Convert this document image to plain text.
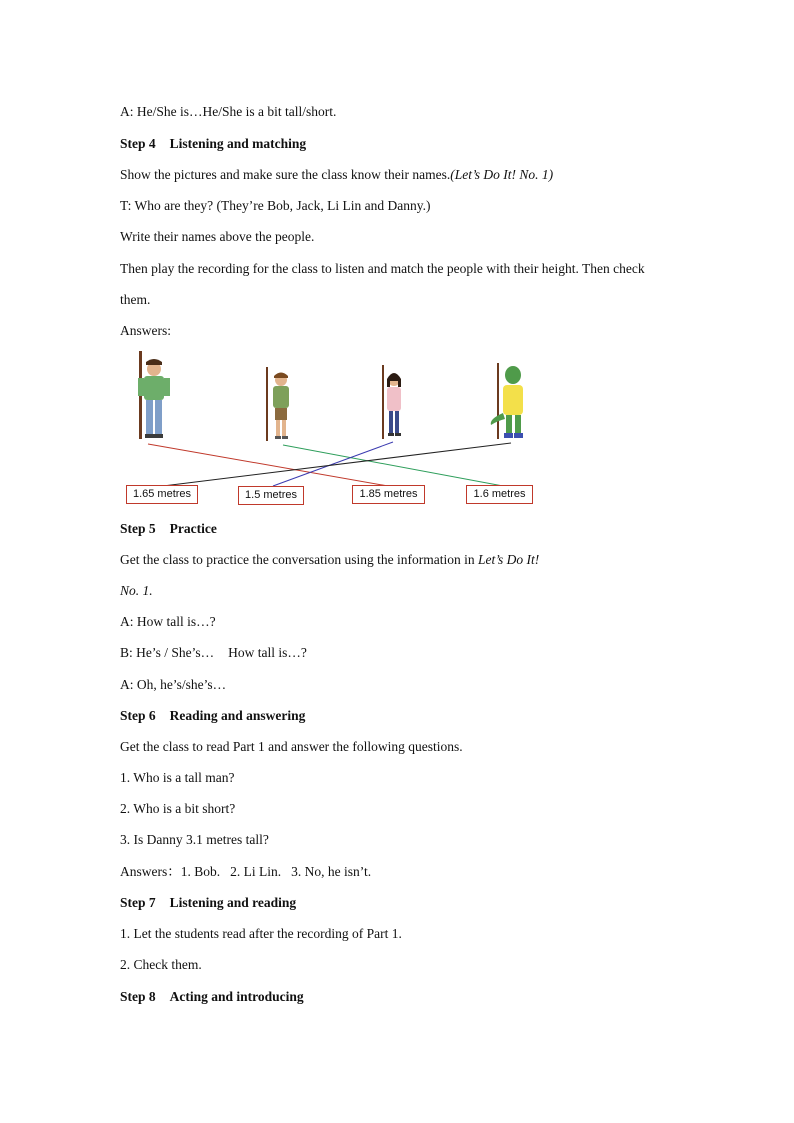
A: He/She is…He/She is a bit tall/short.
Step 4 Listening and matching
Show the pictures and make sure the class know their names.(Let’s Do It! No. 1)
T: Who are they? (They’re Bob, Jack, Li Lin and Danny.)
Write their names above the people.
Then play the recording for the class to listen and match the people with their height. Then check
them.
Answers:
1.65 metres	1.5 metres	1.85 metres	1.6 metres
Step 5 Practice
Get the class to practice the conversation using the information in Let’s Do It!
No. 1.
A: How tall is…?
B: He’s / She’s… How tall is…?
A: Oh, he’s/she’s…
Step 6 Reading and answering
Get the class to read Part 1 and answer the following questions.
1. Who is a tall man?
2. Who is a bit short?
3. Is Danny 3.1 metres tall?
Answers：1. Bob. 2. Li Lin. 3. No, he isn’t.
Step 7 Listening and reading
1. Let the students read after the recording of Part 1.
2. Check them.
Step 8 Acting and introducing
